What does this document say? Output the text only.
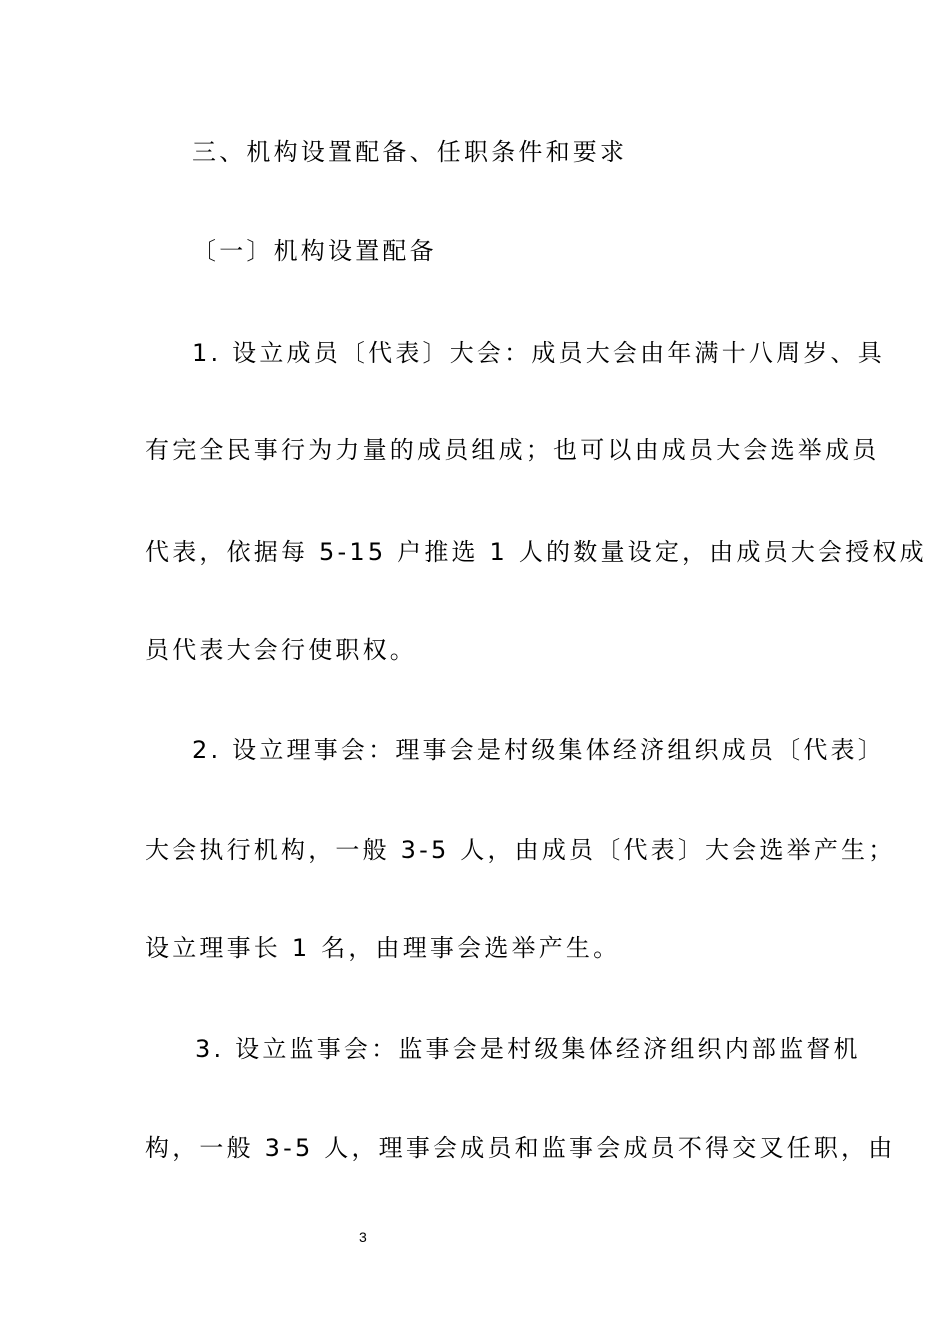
三、机构设置配备、任职条件和要求

〔一〕机构设置配备

1. 设立成员〔代表〕大会：成员大会由年满十八周岁、具

有完全民事行为力量的成员组成；也可以由成员大会选举成员

代表，依据每 5-15 户推选 1 人的数量设定，由成员大会授权成

员代表大会行使职权。

2. 设立理事会：理事会是村级集体经济组织成员〔代表〕

大会执行机构，一般 3-5 人，由成员〔代表〕大会选举产生；

设立理事长 1 名，由理事会选举产生。

3. 设立监事会：监事会是村级集体经济组织内部监督机

构，一般 3-5 人，理事会成员和监事会成员不得交叉任职，由

3
